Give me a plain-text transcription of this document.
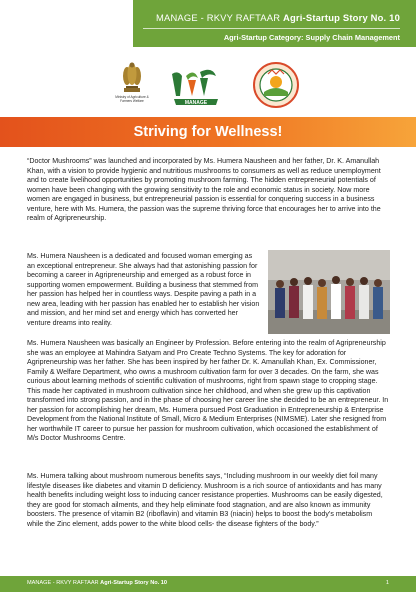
MANAGE - RKVY RAFTAAR Agri-Startup Story No. 10
Agri-Startup Category: Supply Chain Management
Ministry of Agriculture & Farmers Welfare	MANAGE
Striving for Wellness!

“Doctor Mushrooms” was launched and incorporated by Ms. Humera Nausheen and her father, Dr. K. Amanullah Khan, with a vision to provide hygienic and nutritious mushrooms to consumers as well as reduce unemployment and to create livelihood opportunities by promoting mushroom farming. The hidden entrepreneurial potentials of women have been changing with the growing sensitivity to the role and economic status in society. Now more women are engaged in business, but entrepreneurial passion is essential for conquering success in a business venture, here with Ms. Humera, the passion was the supreme thriving force that encourages her to arrive into the realm of Agripreneurship.

Ms. Humera Nausheen is a dedicated and focused woman emerging as an exceptional entrepreneur. She always had that astonishing passion for becoming a career in Agripreneurship and emerged as a robust force in supporting women empowerment. Building a business that stemmed from her passion has helped her in countless ways. Despite paving a path in a new area, leading with her passion has enabled her to establish her vision and mission, and her mind set and energy which has converted her venture dreams into reality.

Ms. Humera Nausheen was basically an Engineer by Profession. Before entering into the realm of Agripreneurship she was an employee at Mahindra Satyam and Pro Create Techno Systems. The key for adoration for Agripreneurship was her father. She has been inspired by her father Dr. K. Amanullah Khan, Ex. Commissioner, Family & Welfare Department, who owns a mushroom cultivation farm for over 3 decades. On the farm, she was curious about learning methods of scientific cultivation of mushrooms, right from spawn stage to cropping stage. This made her captivated in mushroom cultivation since her childhood, and when she grew up this captivation transformed into strong passion, and in the phase of choosing her career line she decided to be an entrepreneur. In her passion for accomplishing her dream, Ms. Humera pursued Post Graduation in Entrepreneurship & Enterprise Development from the National Institute of Small, Micro & Medium Enterprises (NIMSME). Later she resigned from her worthwhile IT career to pursue her passion for mushroom cultivation, which occasioned the establishment of M/s Doctor Mushrooms Centre.

Ms. Humera talking about mushroom numerous benefits says, “Including mushroom in our weekly diet foil many lifestyle diseases like diabetes and vitamin D deficiency. Mushroom is a rich source of antioxidants and has many health benefits including weight loss to inducing cancer resistance properties. Mushrooms can be easily digested, they are good for stomach ailments, and they help eliminate food stagnation, and are also known as immunity boosters. The presence of vitamin B2 (riboflavin) and vitamin B3 (niacin) helps to boost the body’s metabolism while the Zinc element, adds power to the white blood cells- the disease fighters of the body.”

MANAGE - RKVY RAFTAAR Agri-Startup Story No. 10	1
